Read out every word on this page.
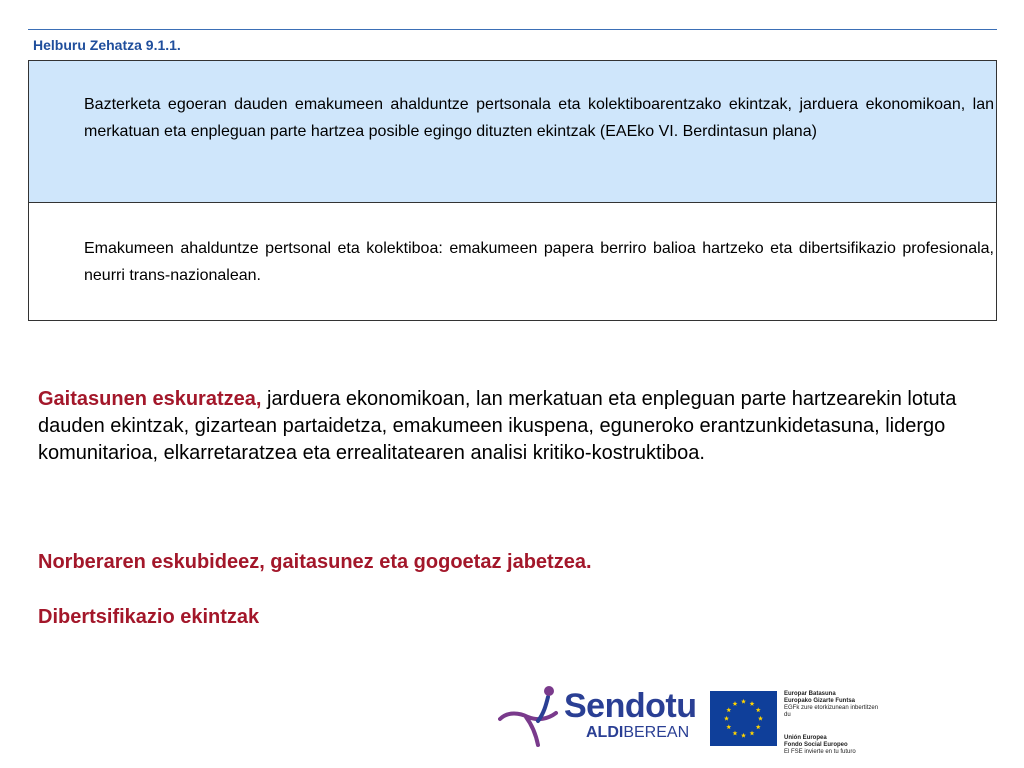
Helburu Zehatza 9.1.1.
Bazterketa egoeran dauden emakumeen ahalduntze pertsonala eta kolektiboarentzako ekintzak, jarduera ekonomikoan, lan merkatuan eta enpleguan parte hartzea posible egingo dituzten ekintzak (EAEko VI. Berdintasun plana)
Emakumeen ahalduntze pertsonal eta kolektiboa: emakumeen papera berriro balioa hartzeko eta dibertsifikazio profesionala, neurri trans-nazionalean.
Gaitasunen eskuratzea, jarduera ekonomikoan, lan merkatuan eta enpleguan parte hartzearekin lotuta dauden ekintzak, gizartean partaidetza, emakumeen ikuspena, eguneroko erantzunkidetasuna, lidergo komunitarioa, elkarretaratzea eta errealitatearen analisi kritiko-kostruktiboa.
Norberaren eskubideez, gaitasunez eta gogoetaz jabetzea.
Dibertsifikazio ekintzak
Sendotu
ALDIBEREAN
Europar Batasuna
Europako Gizarte Funtsa
EGFk zure etorkizunean inbertitzen du
Unión Europea
Fondo Social Europeo
El FSE invierte en tu futuro
